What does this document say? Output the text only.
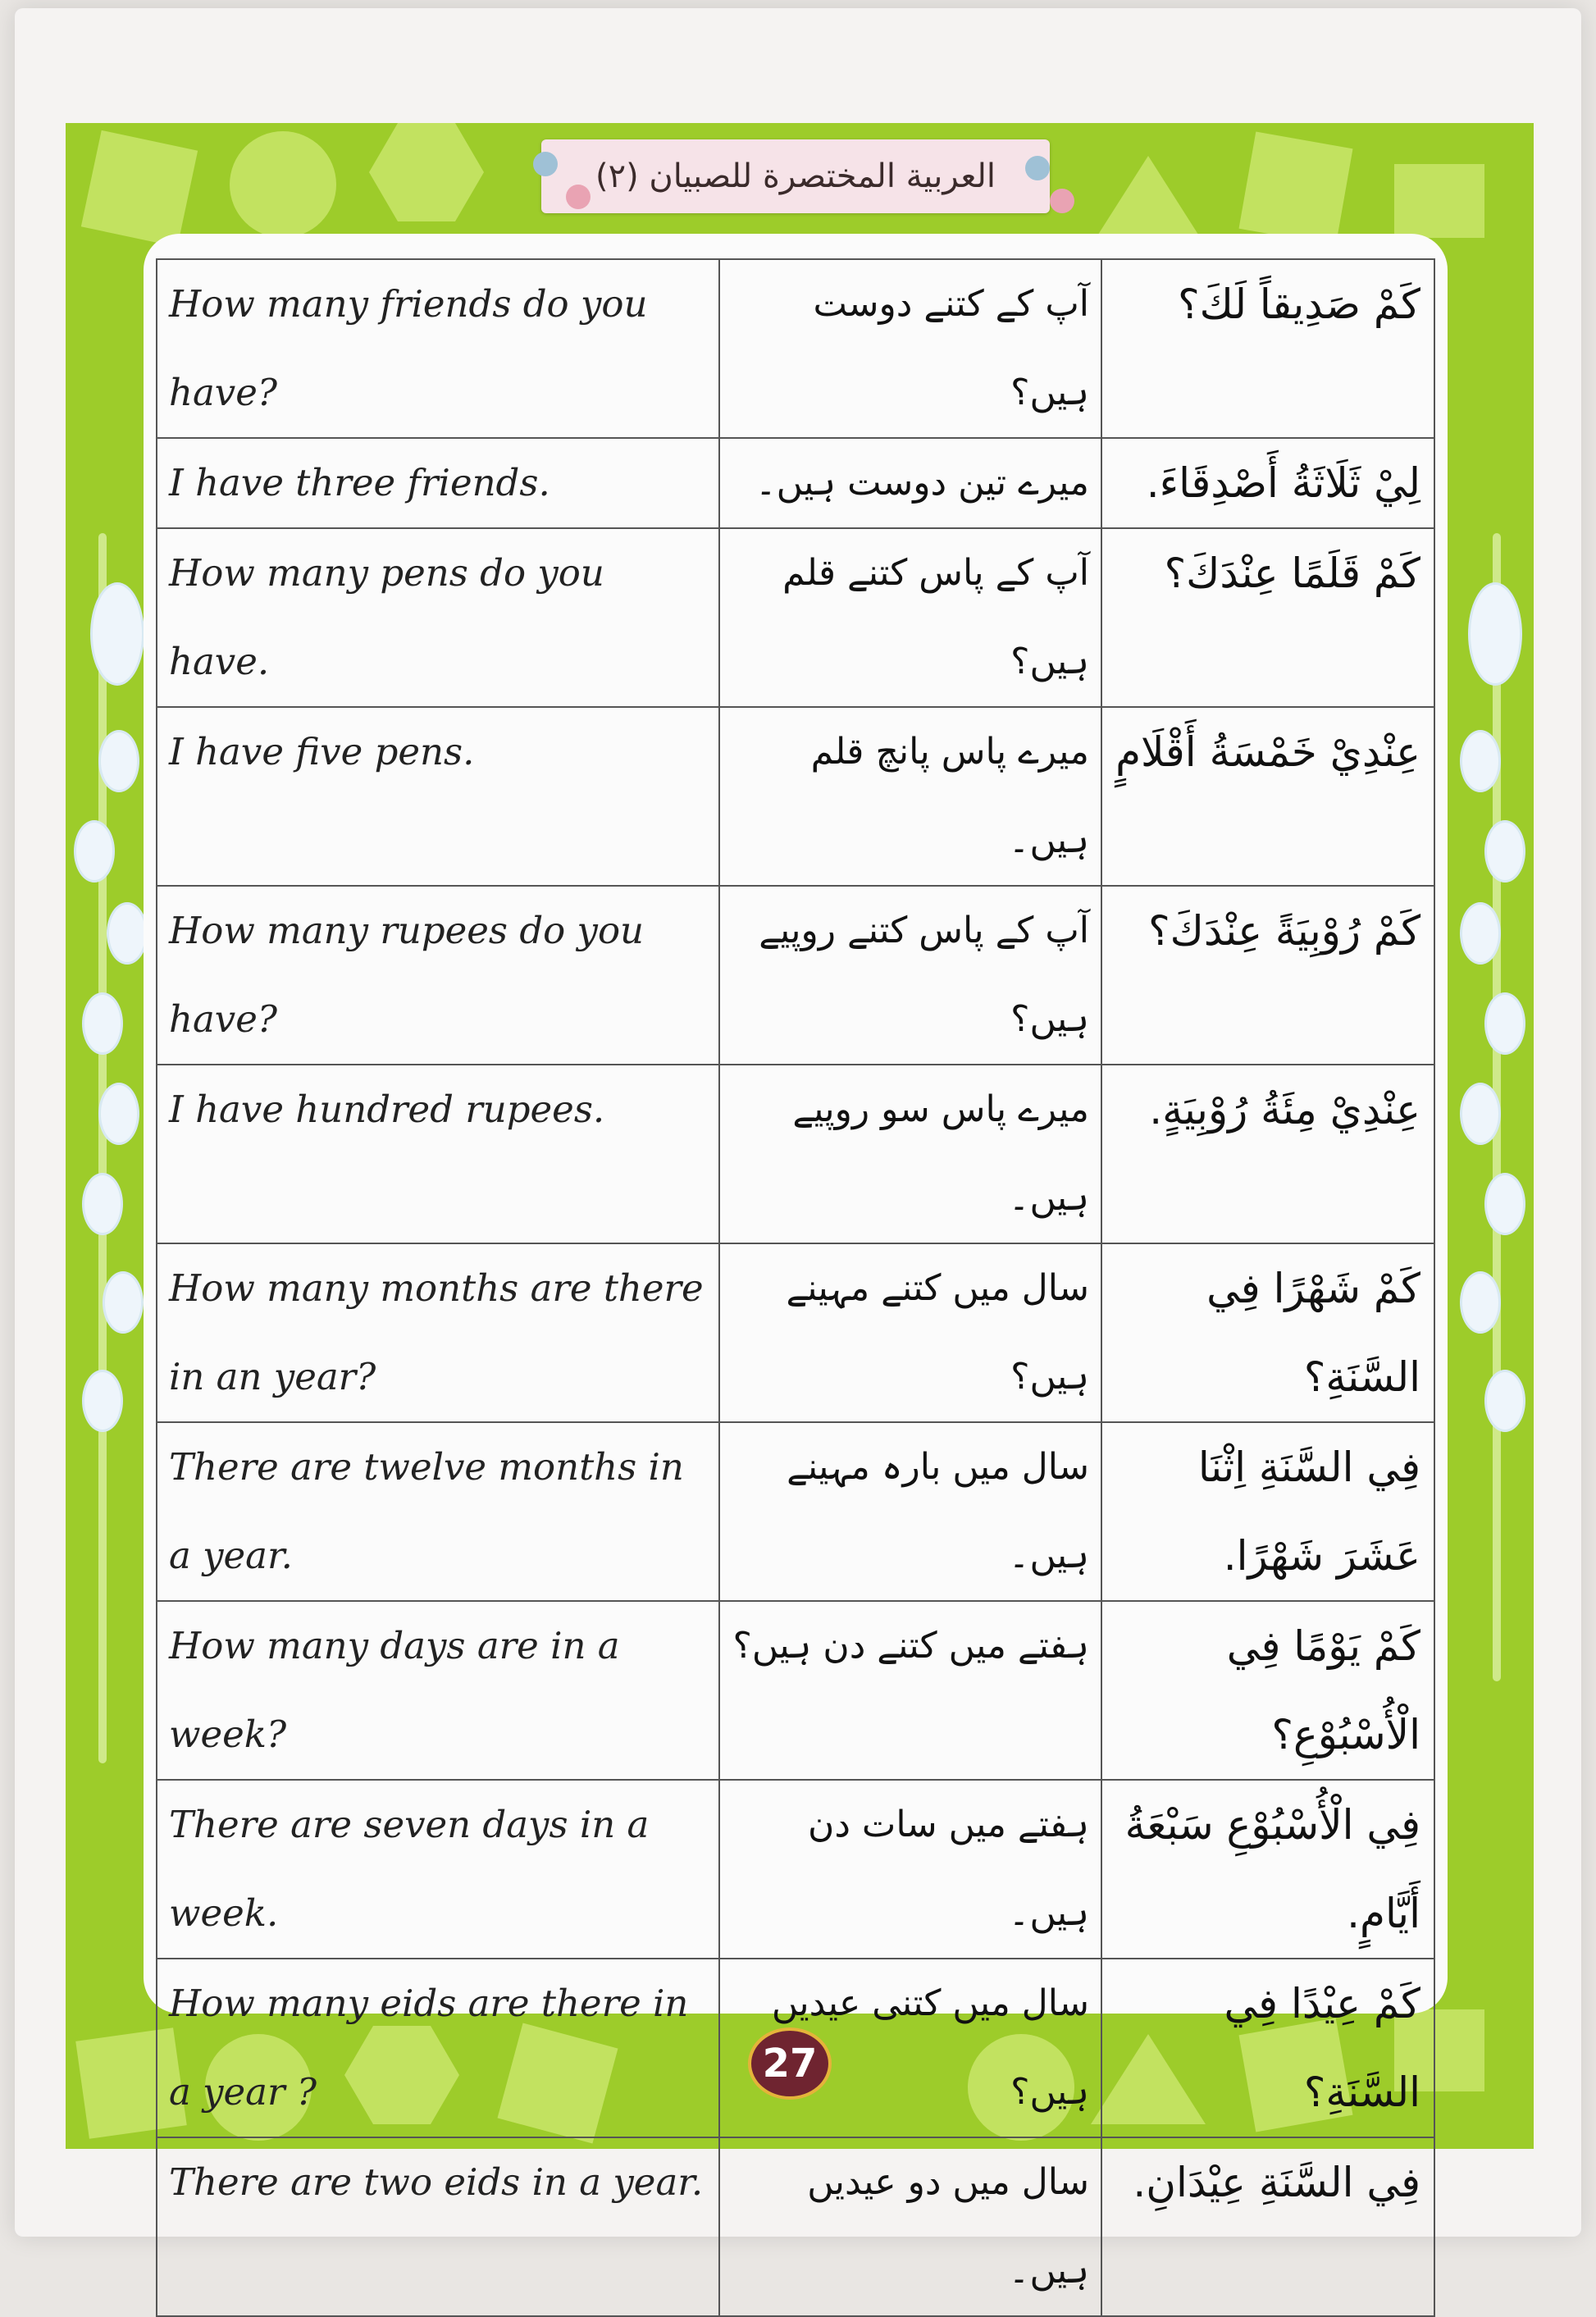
العربية المختصرة للصبيان (٢)
How many friends do you have?	آپ کے کتنے دوست ہیں؟	كَمْ صَدِيقاً لَكَ؟
I have three friends.	میرے تین دوست ہیں۔	لِيْ ثَلَاثَةُ أَصْدِقَاءَ.
How many pens do you have.	آپ کے پاس کتنے قلم ہیں؟	كَمْ قَلَمًا عِنْدَكَ؟
I have five pens.	میرے پاس پانچ قلم ہیں۔	عِنْدِيْ خَمْسَةُ أَقْلَامٍ
How many rupees do you have?	آپ کے پاس کتنے روپیے ہیں؟	كَمْ رُوْبِيَةً عِنْدَكَ؟
I have hundred rupees.	میرے پاس سو روپیے ہیں۔	عِنْدِيْ مِئَةُ رُوْبِيَةٍ.
How many months are there in an year?	سال میں کتنے مہینے ہیں؟	كَمْ شَهْرًا فِي السَّنَةِ؟
There are twelve months in a year.	سال میں بارہ مہینے ہیں۔	فِي السَّنَةِ اِثْنَا عَشَرَ شَهْرًا.
How many days are in a week?	ہفتے میں کتنے دن ہیں؟	كَمْ يَوْمًا فِي الْأُسْبُوْعِ؟
There are seven days in a week.	ہفتے میں سات دن ہیں۔	فِي الْأُسْبُوْعِ سَبْعَةُ أَيَّامٍ.
How many eids are there in a year ?	سال میں کتنی عیدیں ہیں؟	كَمْ عِيْدًا فِي السَّنَةِ؟
There are two eids in a year.	سال میں دو عیدیں ہیں۔	فِي السَّنَةِ عِيْدَانِ.
27
